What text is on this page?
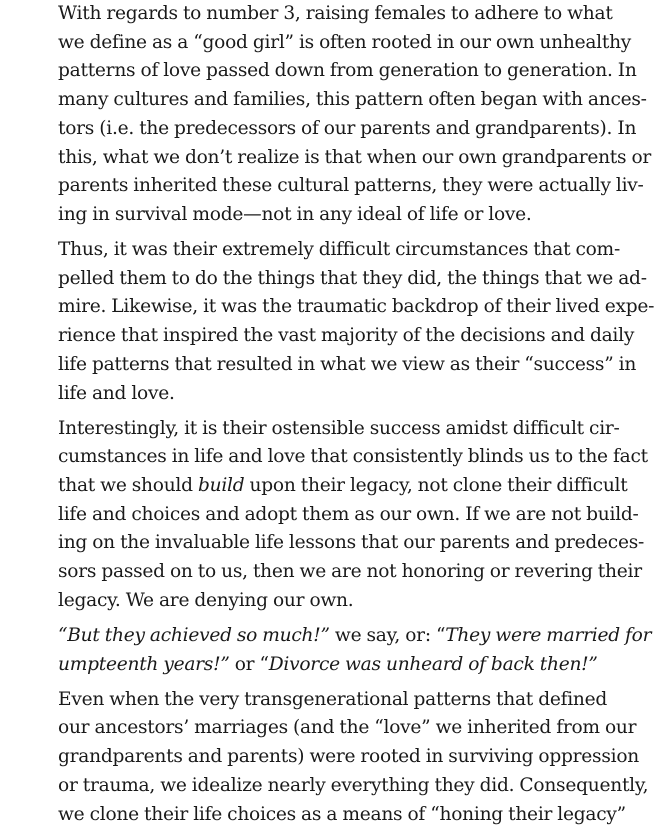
With regards to number 3, raising females to adhere to what
we define as a “good girl” is often rooted in our own unhealthy
patterns of love passed down from generation to generation. In
many cultures and families, this pattern often began with ances-
tors (i.e. the predecessors of our parents and grandparents). In
this, what we don’t realize is that when our own grandparents or
parents inherited these cultural patterns, they were actually liv-
ing in survival mode—not in any ideal of life or love.
Thus, it was their extremely difficult circumstances that com-
pelled them to do the things that they did, the things that we ad-
mire. Likewise, it was the traumatic backdrop of their lived expe-
rience that inspired the vast majority of the decisions and daily
life patterns that resulted in what we view as their “success” in
life and love.
Interestingly, it is their ostensible success amidst difficult cir-
cumstances in life and love that consistently blinds us to the fact
that we should build upon their legacy, not clone their difficult
life and choices and adopt them as our own. If we are not build-
ing on the invaluable life lessons that our parents and predeces-
sors passed on to us, then we are not honoring or revering their
legacy. We are denying our own.
“But they achieved so much!” we say, or: “They were married for
umpteenth years!” or “Divorce was unheard of back then!”
Even when the very transgenerational patterns that defined
our ancestors’ marriages (and the “love” we inherited from our
grandparents and parents) were rooted in surviving oppression
or trauma, we idealize nearly everything they did. Consequently,
we clone their life choices as a means of “honing their legacy”
